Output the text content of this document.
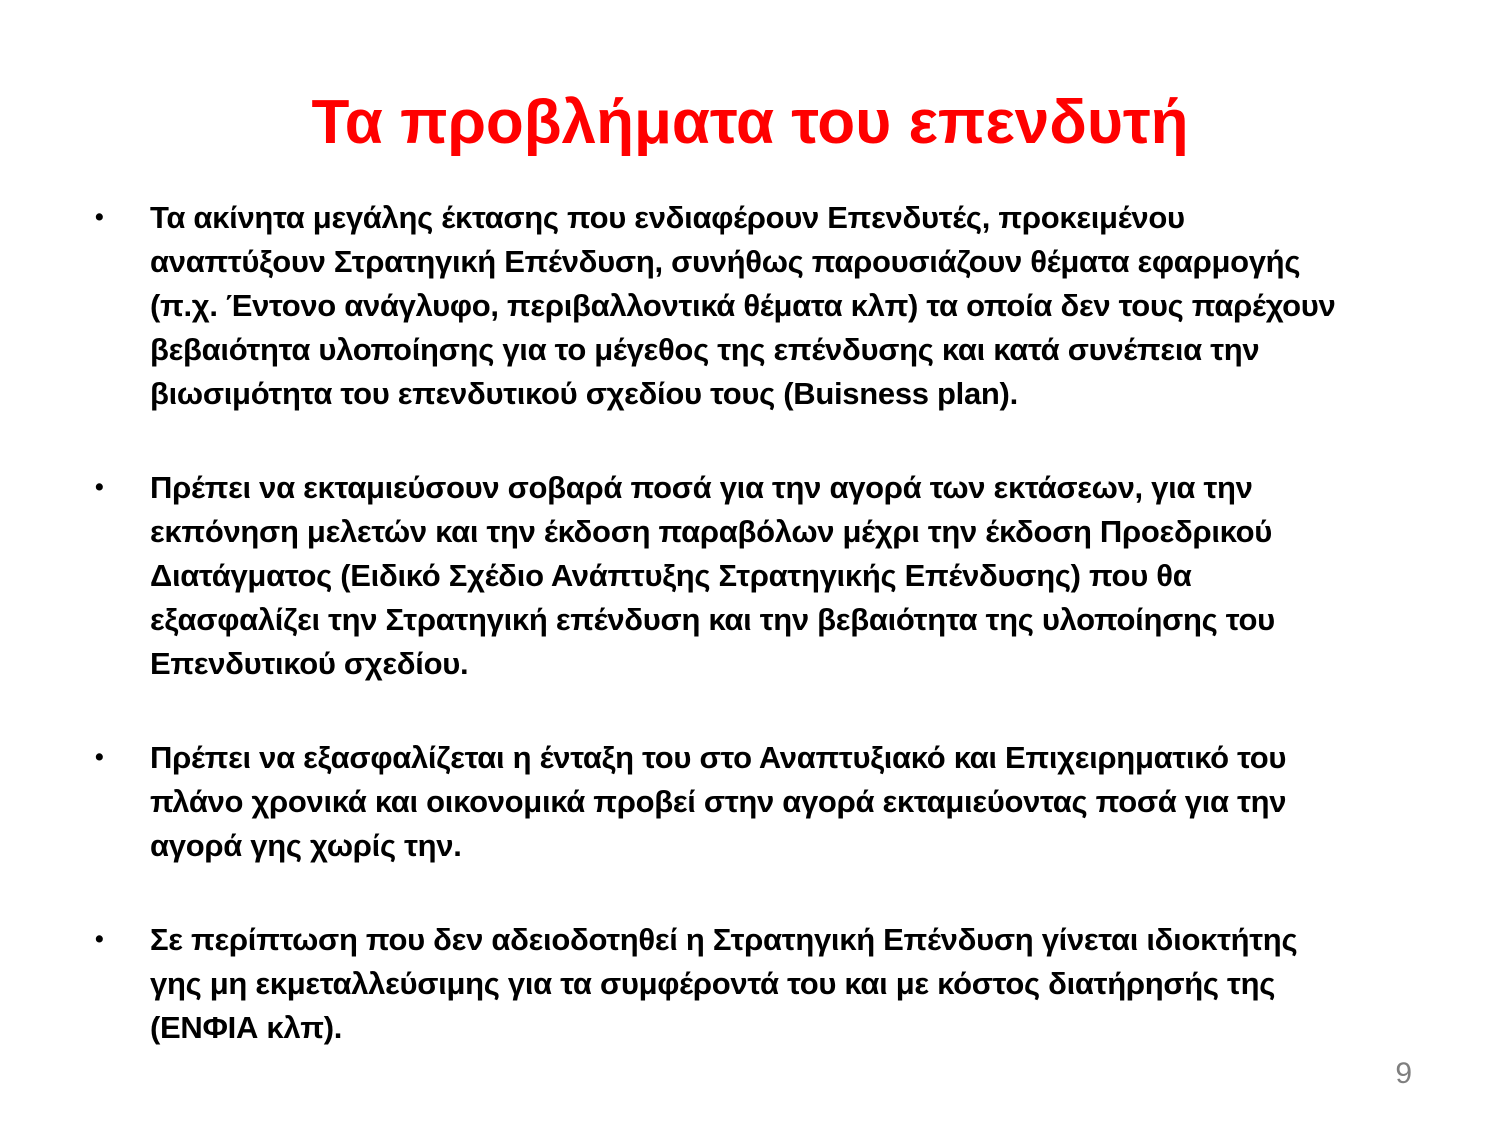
Τα προβλήματα του επενδυτή
• Τα ακίνητα μεγάλης έκτασης που ενδιαφέρουν Επενδυτές, προκειμένου αναπτύξουν Στρατηγική Επένδυση, συνήθως παρουσιάζουν θέματα εφαρμογής (π.χ. Έντονο ανάγλυφο, περιβαλλοντικά θέματα κλπ) τα οποία δεν τους παρέχουν βεβαιότητα υλοποίησης για το μέγεθος της επένδυσης και κατά συνέπεια την βιωσιμότητα του επενδυτικού σχεδίου τους (Buisness plan).
• Πρέπει να εκταμιεύσουν σοβαρά ποσά για την αγορά των εκτάσεων, για την εκπόνηση μελετών και την έκδοση παραβόλων μέχρι την έκδοση Προεδρικού Διατάγματος (Ειδικό Σχέδιο Ανάπτυξης Στρατηγικής Επένδυσης) που θα εξασφαλίζει την Στρατηγική επένδυση και την βεβαιότητα της υλοποίησης του Επενδυτικού σχεδίου.
• Πρέπει να εξασφαλίζεται η ένταξη του στο Αναπτυξιακό και Επιχειρηματικό του πλάνο χρονικά και οικονομικά προβεί στην αγορά εκταμιεύοντας ποσά για την αγορά γης χωρίς την.
• Σε περίπτωση που δεν αδειοδοτηθεί η Στρατηγική Επένδυση γίνεται ιδιοκτήτης γης μη εκμεταλλεύσιμης για τα συμφέροντά του και με κόστος διατήρησής της (ΕΝΦΙΑ κλπ).
9
